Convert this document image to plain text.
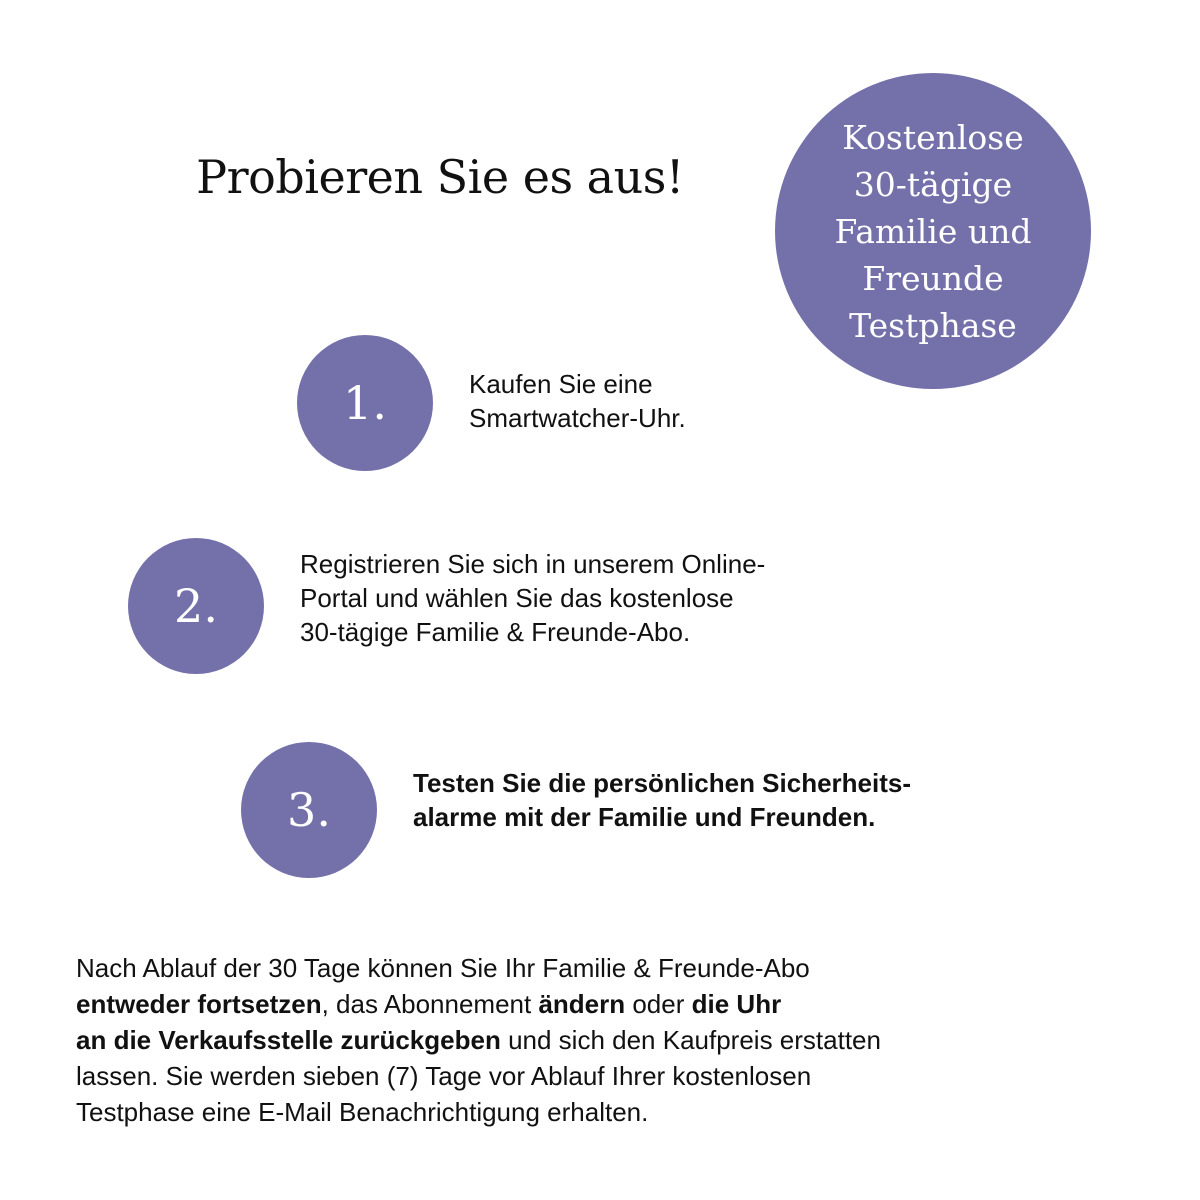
Probieren Sie es aus!
Kostenlose
30-tägige
Familie und
Freunde
Testphase
1.	Kaufen Sie eine
Smartwatcher-Uhr.
2.
Registrieren Sie sich in unserem Online-
Portal und wählen Sie das kostenlose
30-tägige Familie & Freunde-Abo.
3.	Testen Sie die persönlichen Sicherheits-
alarme mit der Familie und Freunden.
Nach Ablauf der 30 Tage können Sie Ihr Familie & Freunde-Abo
entweder fortsetzen, das Abonnement ändern oder die Uhr
an die Verkaufsstelle zurückgeben und sich den Kaufpreis erstatten
lassen. Sie werden sieben (7) Tage vor Ablauf Ihrer kostenlosen
Testphase eine E-Mail Benachrichtigung erhalten.
